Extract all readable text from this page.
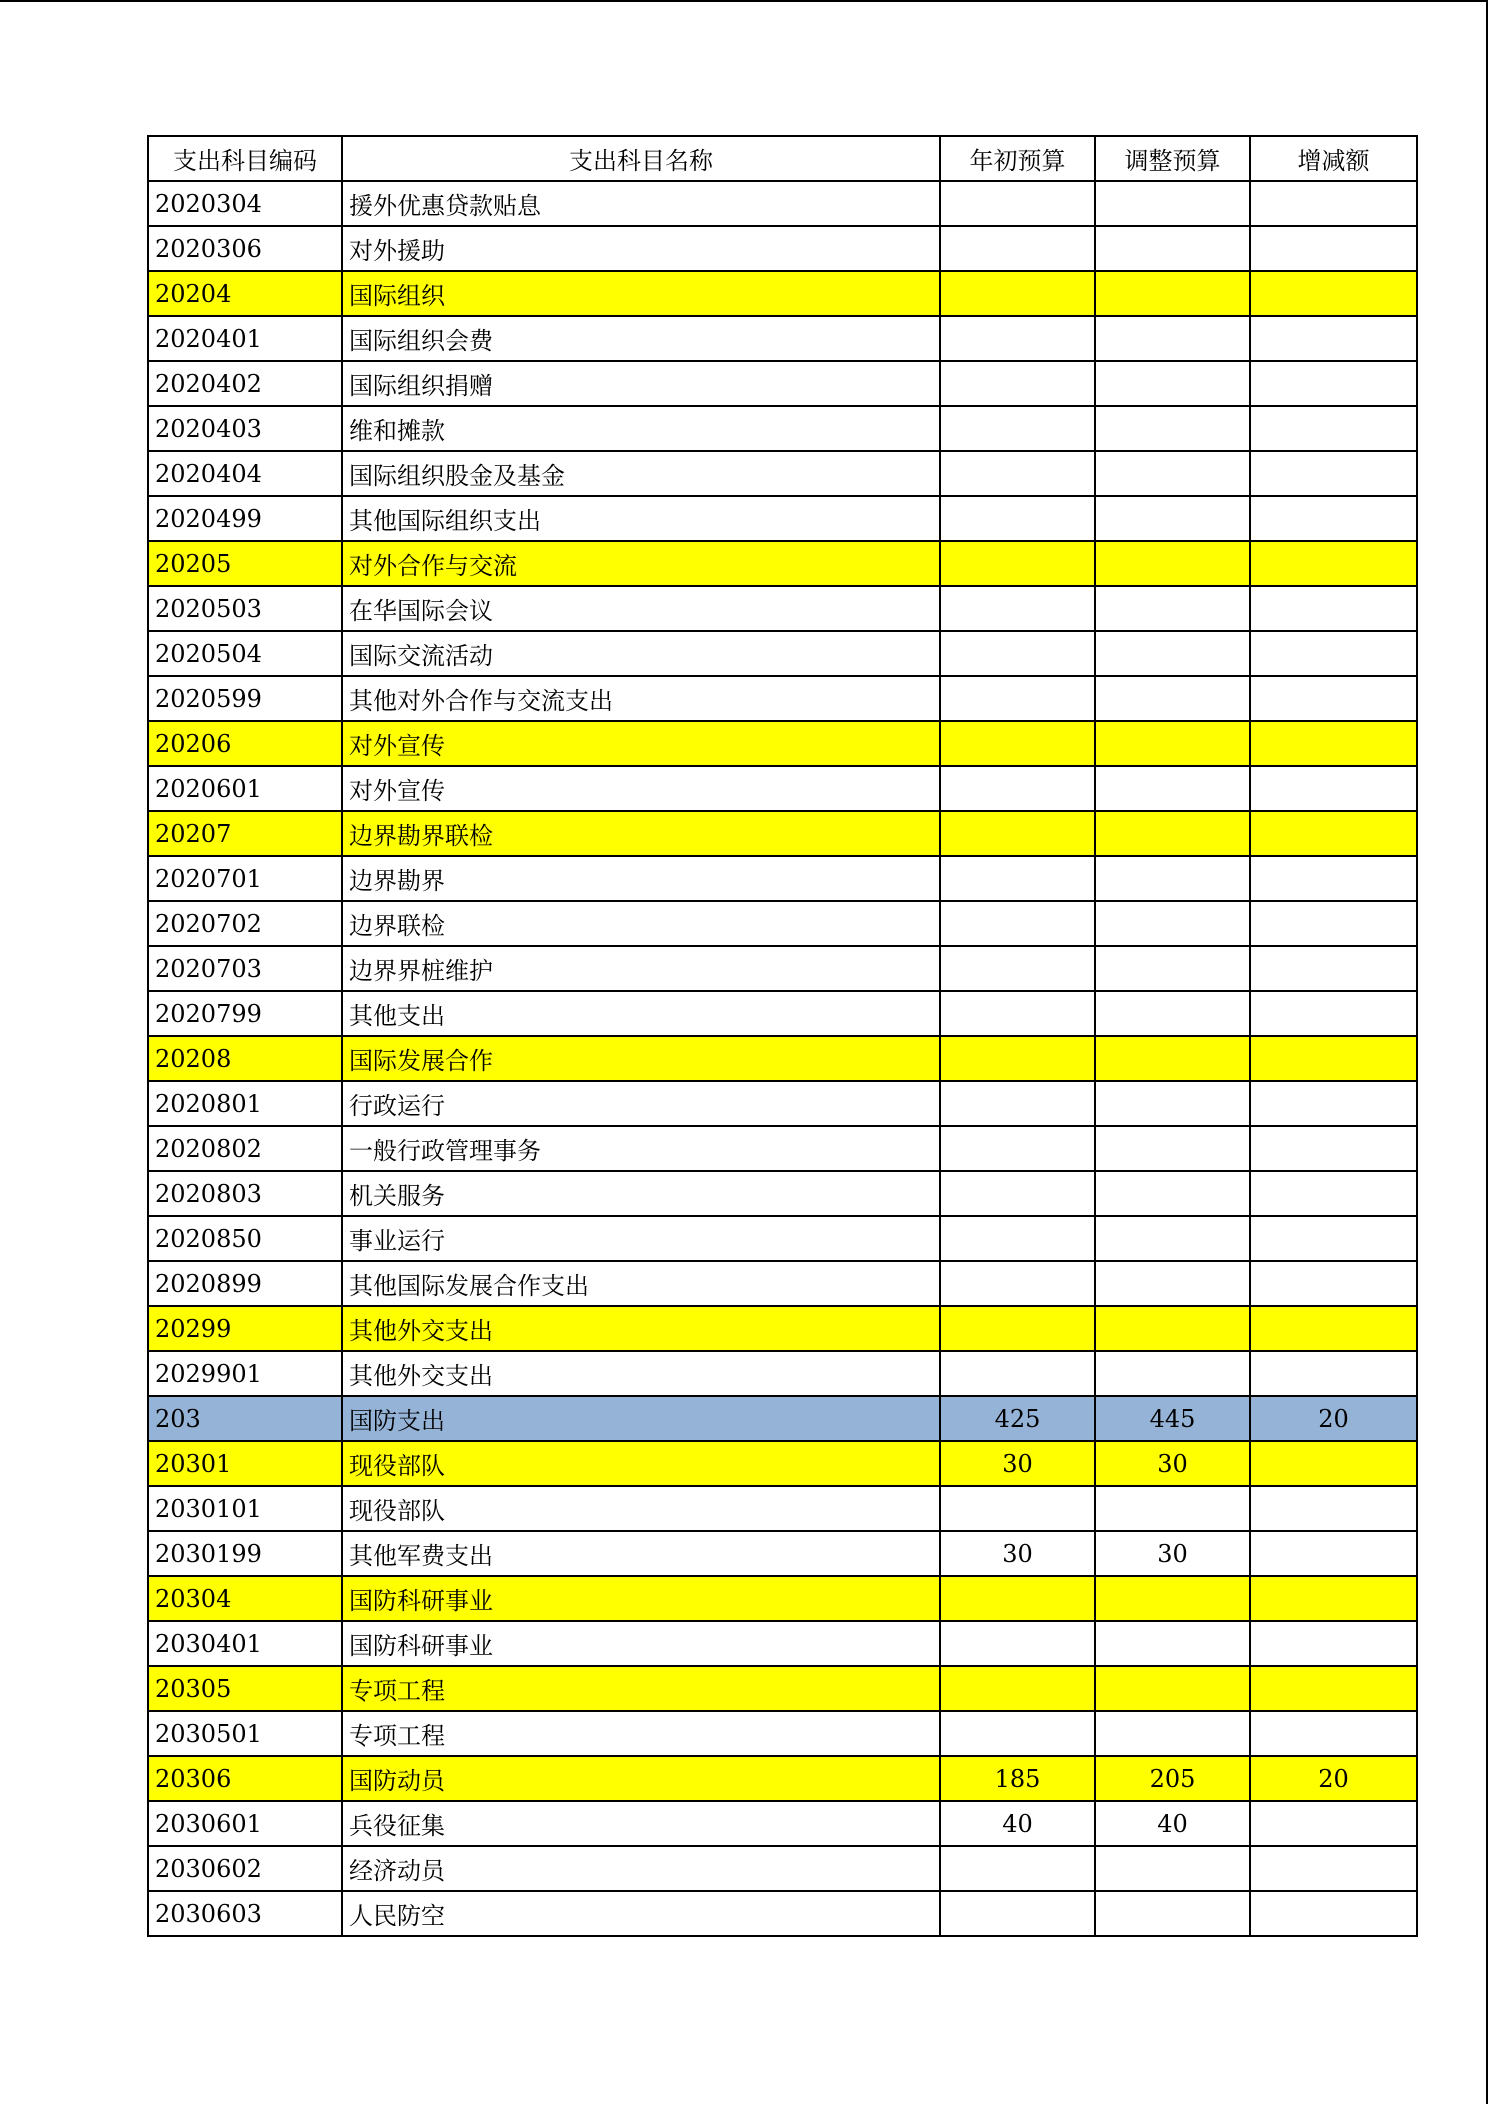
支出科目编码	支出科目名称	年初预算	调整预算	增减额
2020304	援外优惠贷款贴息			
2020306	对外援助			
20204	国际组织			
2020401	国际组织会费			
2020402	国际组织捐赠			
2020403	维和摊款			
2020404	国际组织股金及基金			
2020499	其他国际组织支出			
20205	对外合作与交流			
2020503	在华国际会议			
2020504	国际交流活动			
2020599	其他对外合作与交流支出			
20206	对外宣传			
2020601	对外宣传			
20207	边界勘界联检			
2020701	边界勘界			
2020702	边界联检			
2020703	边界界桩维护			
2020799	其他支出			
20208	国际发展合作			
2020801	行政运行			
2020802	一般行政管理事务			
2020803	机关服务			
2020850	事业运行			
2020899	其他国际发展合作支出			
20299	其他外交支出			
2029901	其他外交支出			
203	国防支出	425	445	20
20301	现役部队	30	30	
2030101	现役部队			
2030199	其他军费支出	30	30	
20304	国防科研事业			
2030401	国防科研事业			
20305	专项工程			
2030501	专项工程			
20306	国防动员	185	205	20
2030601	兵役征集	40	40	
2030602	经济动员			
2030603	人民防空			
